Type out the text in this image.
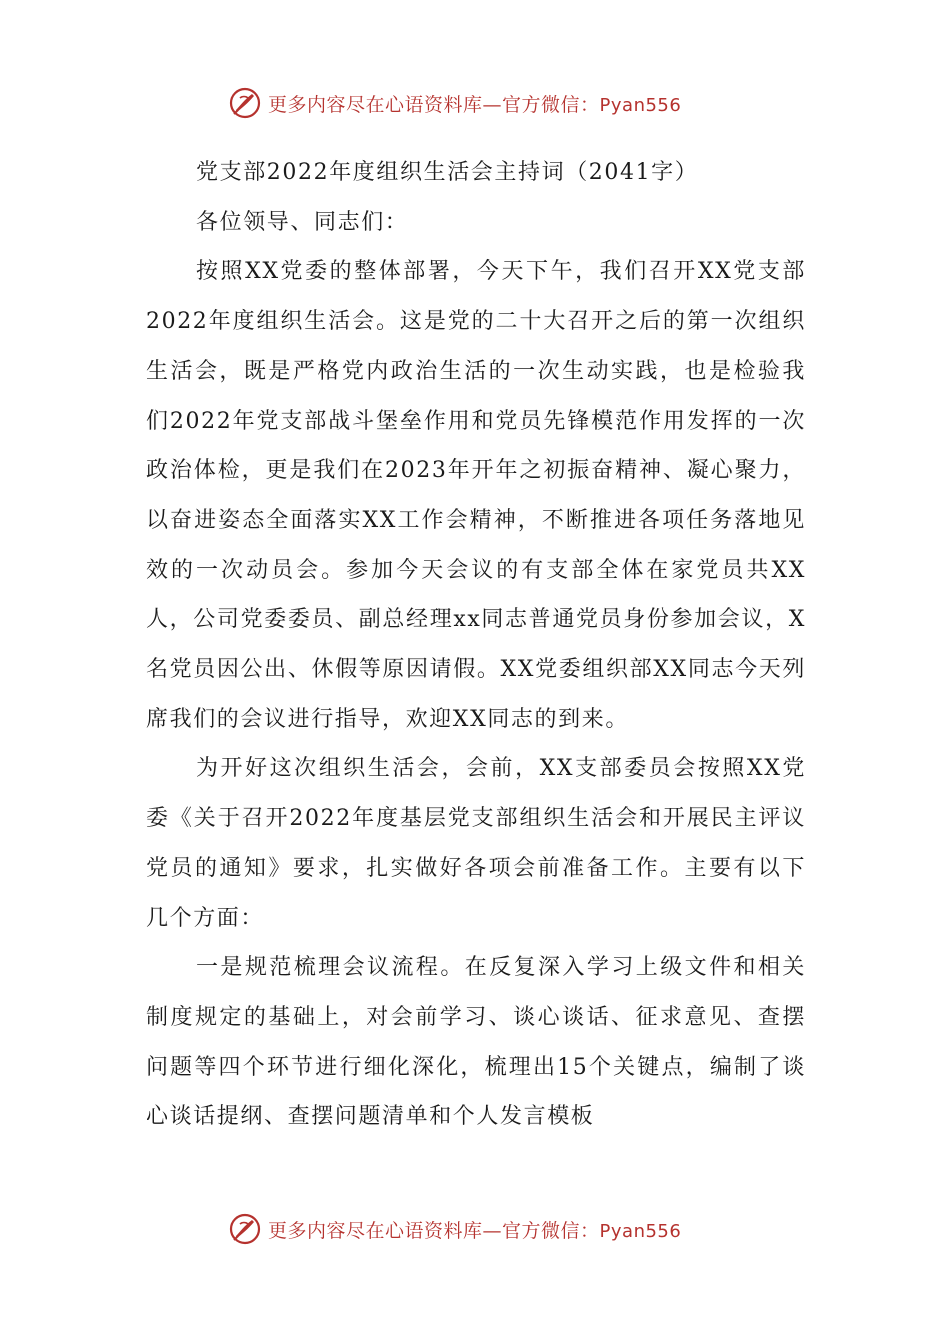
更多内容尽在心语资料库—官方微信：Pyan556

党支部2022年度组织生活会主持词（2041字）

各位领导、同志们：

按照XX党委的整体部署，今天下午，我们召开XX党支部2022年度组织生活会。这是党的二十大召开之后的第一次组织生活会，既是严格党内政治生活的一次生动实践，也是检验我们2022年党支部战斗堡垒作用和党员先锋模范作用发挥的一次政治体检，更是我们在2023年开年之初振奋精神、凝心聚力，以奋进姿态全面落实XX工作会精神，不断推进各项任务落地见效的一次动员会。参加今天会议的有支部全体在家党员共XX人，公司党委委员、副总经理xx同志普通党员身份参加会议，X名党员因公出、休假等原因请假。XX党委组织部XX同志今天列席我们的会议进行指导，欢迎XX同志的到来。

为开好这次组织生活会，会前，XX支部委员会按照XX党委《关于召开2022年度基层党支部组织生活会和开展民主评议党员的通知》要求，扎实做好各项会前准备工作。主要有以下几个方面：

一是规范梳理会议流程。在反复深入学习上级文件和相关制度规定的基础上，对会前学习、谈心谈话、征求意见、查摆问题等四个环节进行细化深化，梳理出15个关键点，编制了谈心谈话提纲、查摆问题清单和个人发言模板

更多内容尽在心语资料库—官方微信：Pyan556
